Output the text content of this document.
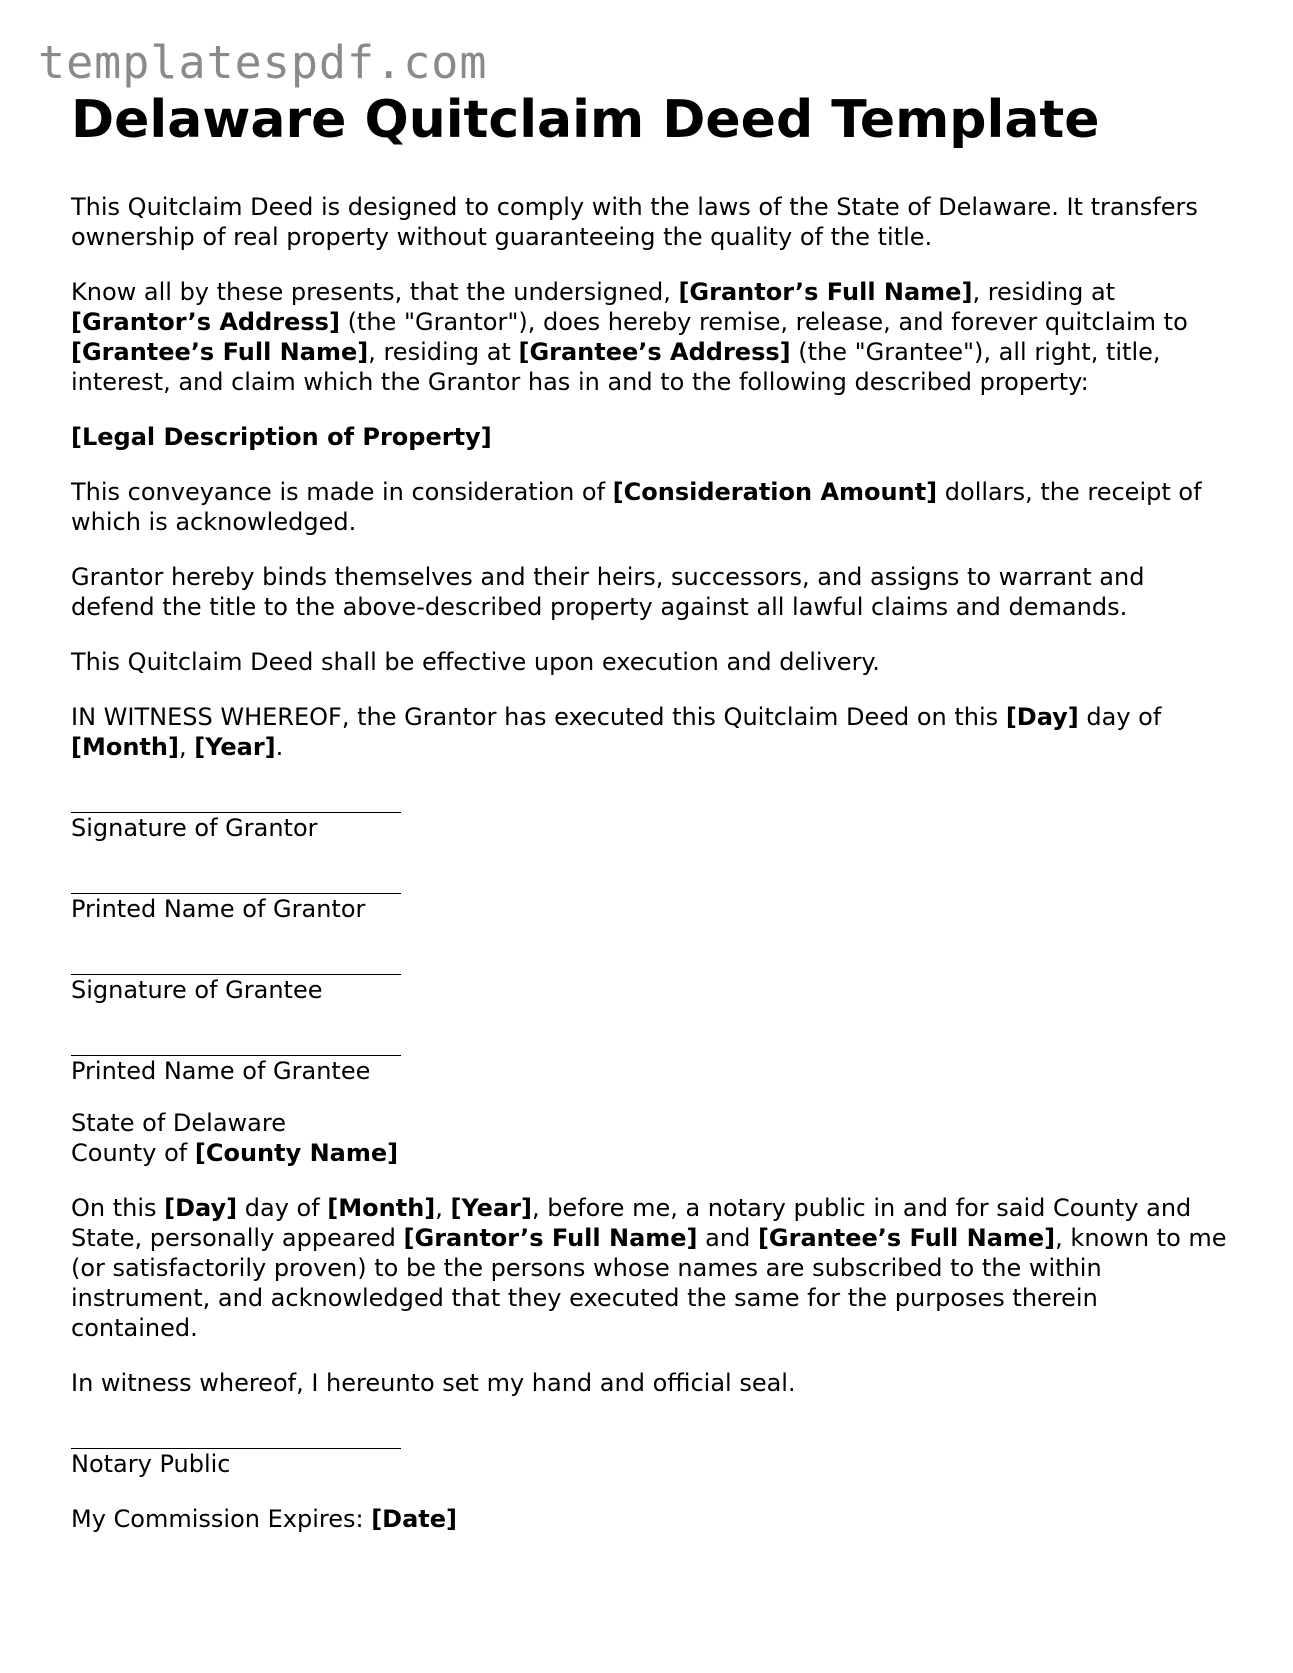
templatespdf.com
Delaware Quitclaim Deed Template

This Quitclaim Deed is designed to comply with the laws of the State of Delaware. It transfers ownership of real property without guaranteeing the quality of the title.

Know all by these presents, that the undersigned, [Grantor’s Full Name], residing at [Grantor’s Address] (the "Grantor"), does hereby remise, release, and forever quitclaim to [Grantee’s Full Name], residing at [Grantee’s Address] (the "Grantee"), all right, title, interest, and claim which the Grantor has in and to the following described property:

[Legal Description of Property]

This conveyance is made in consideration of [Consideration Amount] dollars, the receipt of which is acknowledged.

Grantor hereby binds themselves and their heirs, successors, and assigns to warrant and defend the title to the above-described property against all lawful claims and demands.

This Quitclaim Deed shall be effective upon execution and delivery.

IN WITNESS WHEREOF, the Grantor has executed this Quitclaim Deed on this [Day] day of [Month], [Year].

Signature of Grantor

Printed Name of Grantor

Signature of Grantee

Printed Name of Grantee

State of Delaware

County of [County Name]

On this [Day] day of [Month], [Year], before me, a notary public in and for said County and State, personally appeared [Grantor’s Full Name] and [Grantee’s Full Name], known to me (or satisfactorily proven) to be the persons whose names are subscribed to the within instrument, and acknowledged that they executed the same for the purposes therein contained.

In witness whereof, I hereunto set my hand and official seal.

Notary Public

My Commission Expires: [Date]
